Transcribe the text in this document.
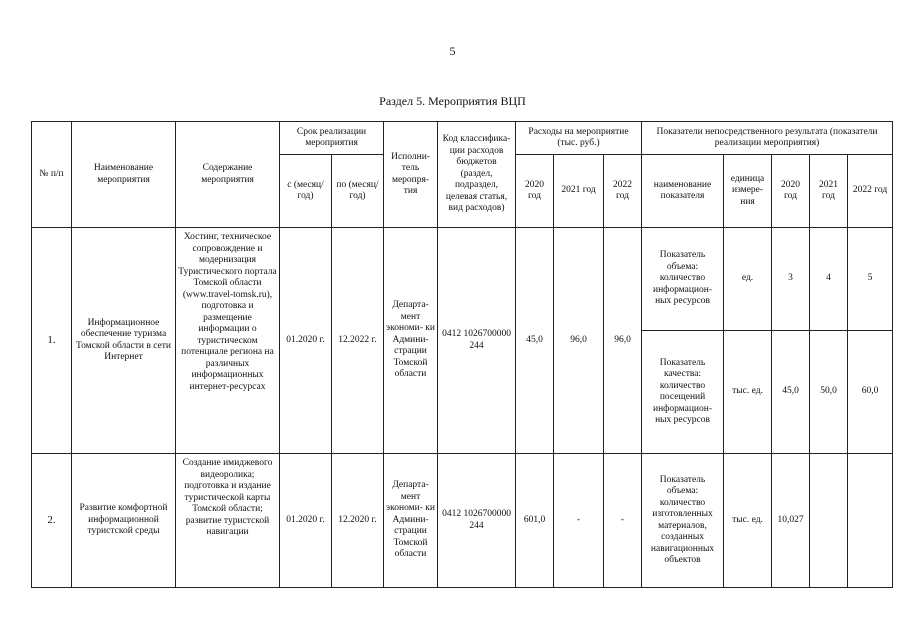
5
Раздел 5. Мероприятия ВЦП
№ п/п	Наименование мероприятия	Содержание мероприятия	Срок реализации мероприятия		Исполни- тель меропря- тия	Код классифика- ции расходов бюджетов (раздел, подраздел, целевая статья, вид расходов)	Расходы на мероприятие (тыс. руб.)			Показатели непосредственного результата (показатели реализации мероприятия)				
			с (месяц/ год)	по (месяц/ год)			2020 год	2021 год	2022 год	наименование показателя	единица измере- ния	2020 год	2021 год	2022 год
1.	Информационное обеспечение туризма Томской области в сети Интернет	Хостинг, техническое сопровождение и модернизация Туристического портала Томской области (www.travel-tomsk.ru), подготовка и размещение информации о туристическом потенциале региона на различных информационных интернет-ресурсах	01.2020 г.	12.2022 г.	Департа- мент экономи- ки Админи- страции Томской области	0412 1026700000 244	45,0	96,0	96,0	Показатель объема: количество информацион- ных ресурсов	ед.	3	4	5
										Показатель качества: количество посещений информацион- ных ресурсов	тыс. ед.	45,0	50,0	60,0
2.	Развитие комфортной информационной туристской среды	Создание имиджевого видеоролика; подготовка и издание туристической карты Томской области; развитие туристской навигации	01.2020 г.	12.2020 г.	Департа- мент экономи- ки Админи- страции Томской области	0412 1026700000 244	601,0	-	-	Показатель объема: количество изготовленных материалов, созданных навигационных объектов	тыс. ед.	10,027		
